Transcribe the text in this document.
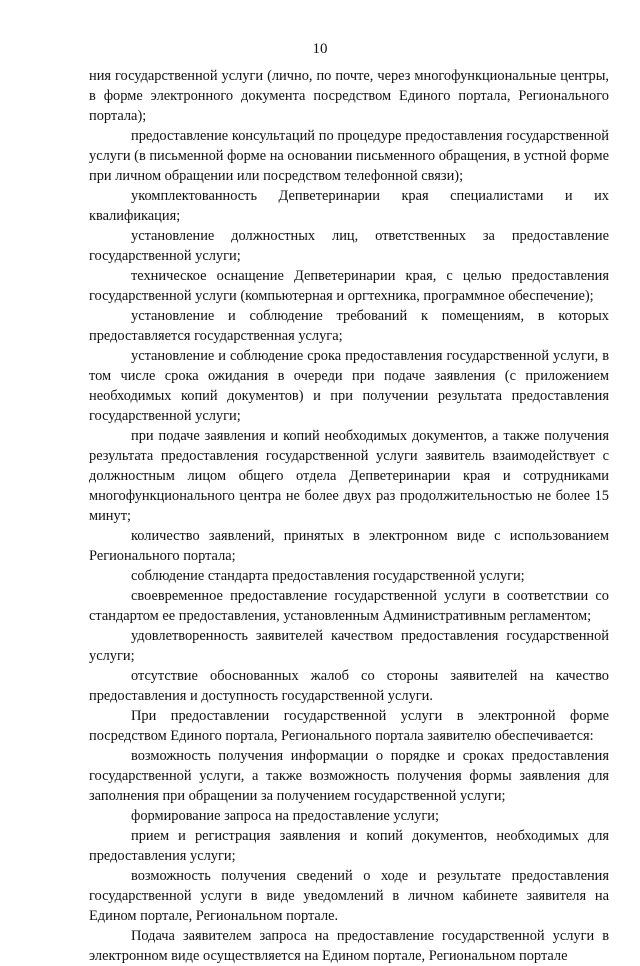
10

ния государственной услуги (лично, по почте, через многофункциональные центры, в форме электронного документа посредством Единого портала, Регионального портала);

предоставление консультаций по процедуре предоставления государственной услуги (в письменной форме на основании письменного обращения, в устной форме при личном обращении или посредством телефонной связи);

укомплектованность Депветеринарии края специалистами и их квалификация;

установление должностных лиц, ответственных за предоставление государственной услуги;

техническое оснащение Депветеринарии края, с целью предоставления государственной услуги (компьютерная и оргтехника, программное обеспечение);

установление и соблюдение требований к помещениям, в которых предоставляется государственная услуга;

установление и соблюдение срока предоставления государственной услуги, в том числе срока ожидания в очереди при подаче заявления (с приложением необходимых копий документов) и при получении результата предоставления государственной услуги;

при подаче заявления и копий необходимых документов, а также получения результата предоставления государственной услуги заявитель взаимодействует с должностным лицом общего отдела Депветеринарии края и сотрудниками многофункционального центра не более двух раз продолжительностью не более 15 минут;

количество заявлений, принятых в электронном виде с использованием Регионального портала;

соблюдение стандарта предоставления государственной услуги;

своевременное предоставление государственной услуги в соответствии со стандартом ее предоставления, установленным Административным регламентом;

удовлетворенность заявителей качеством предоставления государственной услуги;

отсутствие обоснованных жалоб со стороны заявителей на качество предоставления и доступность государственной услуги.

При предоставлении государственной услуги в электронной форме посредством Единого портала, Регионального портала заявителю обеспечивается:

возможность получения информации о порядке и сроках предоставления государственной услуги, а также возможность получения формы заявления для заполнения при обращении за получением государственной услуги;

формирование запроса на предоставление услуги;

прием и регистрация заявления и копий документов, необходимых для предоставления услуги;

возможность получения сведений о ходе и результате предоставления государственной услуги в виде уведомлений в личном кабинете заявителя на Едином портале, Региональном портале.

Подача заявителем запроса на предоставление государственной услуги в электронном виде осуществляется на Едином портале, Региональном портале
